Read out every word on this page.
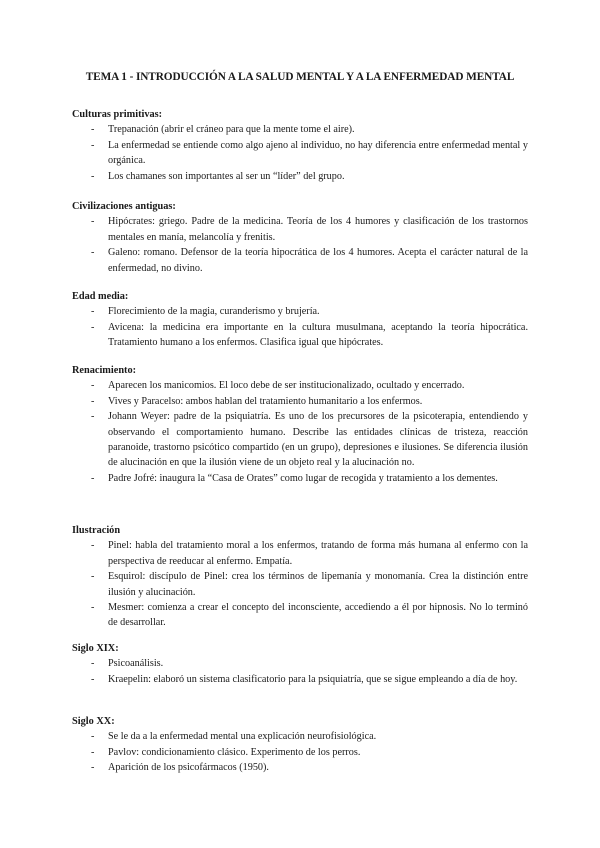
TEMA 1 - INTRODUCCIÓN A LA SALUD MENTAL Y A LA ENFERMEDAD MENTAL
Culturas primitivas:
- Trepanación (abrir el cráneo para que la mente tome el aire).
- La enfermedad se entiende como algo ajeno al individuo, no hay diferencia entre enfermedad mental y orgánica.
- Los chamanes son importantes al ser un “líder” del grupo.
Civilizaciones antiguas:
- Hipócrates: griego. Padre de la medicina. Teoría de los 4 humores y clasificación de los trastornos mentales en manía, melancolía y frenitis.
- Galeno: romano. Defensor de la teoría hipocrática de los 4 humores. Acepta el carácter natural de la enfermedad, no divino.
Edad media:
- Florecimiento de la magia, curanderismo y brujería.
- Avicena: la medicina era importante en la cultura musulmana, aceptando la teoría hipocrática. Tratamiento humano a los enfermos. Clasifica igual que hipócrates.
Renacimiento:
- Aparecen los manicomios. El loco debe de ser institucionalizado, ocultado y encerrado.
- Vives y Paracelso: ambos hablan del tratamiento humanitario a los enfermos.
- Johann Weyer: padre de la psiquiatría. Es uno de los precursores de la psicoterapia, entendiendo y observando el comportamiento humano. Describe las entidades clínicas de tristeza, reacción paranoide, trastorno psicótico compartido (en un grupo), depresiones e ilusiones. Se diferencia ilusión de alucinación en que la ilusión viene de un objeto real y la alucinación no.
- Padre Jofré: inaugura la “Casa de Orates” como lugar de recogida y tratamiento a los dementes.
Ilustración
- Pinel: habla del tratamiento moral a los enfermos, tratando de forma más humana al enfermo con la perspectiva de reeducar al enfermo. Empatía.
- Esquirol: discípulo de Pinel: crea los términos de lipemanía y monomanía. Crea la distinción entre ilusión y alucinación.
- Mesmer: comienza a crear el concepto del inconsciente, accediendo a él por hipnosis. No lo terminó de desarrollar.
Siglo XIX:
- Psicoanálisis.
- Kraepelin: elaboró un sistema clasificatorio para la psiquiatría, que se sigue empleando a día de hoy.
Siglo XX:
- Se le da a la enfermedad mental una explicación neurofisiológica.
- Pavlov: condicionamiento clásico. Experimento de los perros.
- Aparición de los psicofármacos (1950).
